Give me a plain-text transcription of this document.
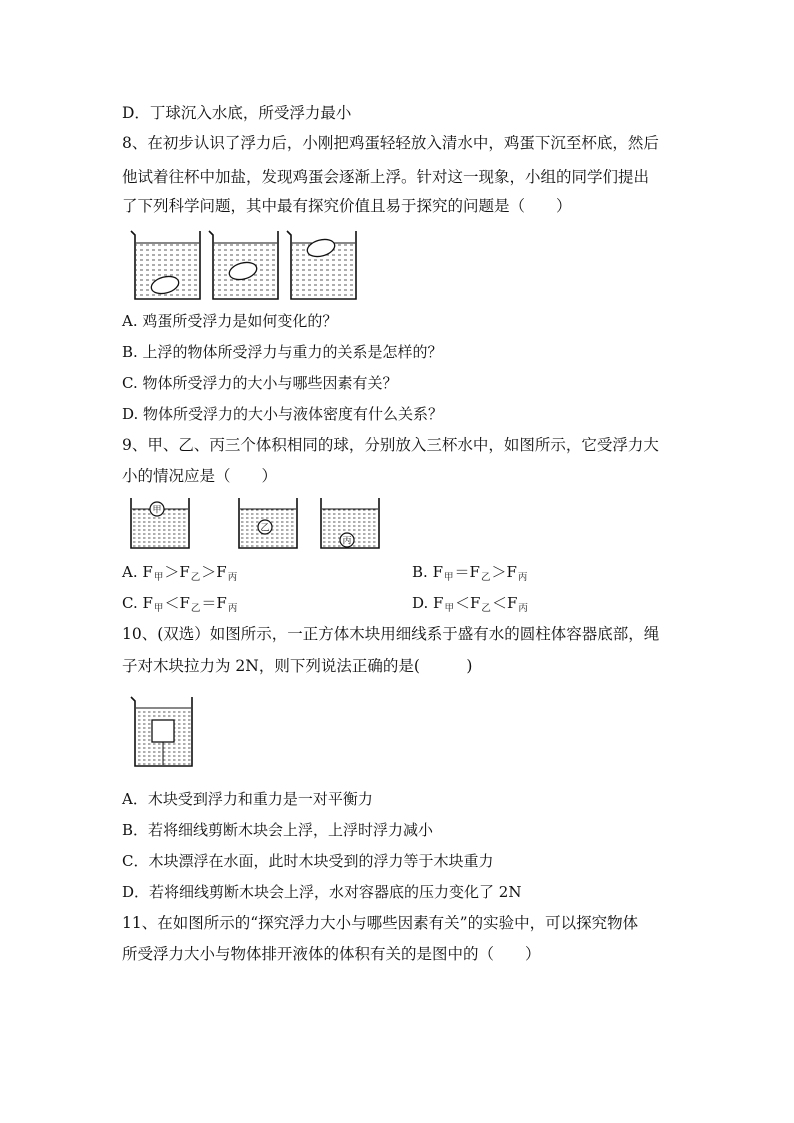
D．丁球沉入水底，所受浮力最小
8、在初步认识了浮力后，小刚把鸡蛋轻轻放入清水中，鸡蛋下沉至杯底，然后
他试着往杯中加盐，发现鸡蛋会逐渐上浮。针对这一现象，小组的同学们提出
了下列科学问题，其中最有探究价值且易于探究的问题是（　　）
A. 鸡蛋所受浮力是如何变化的？
B. 上浮的物体所受浮力与重力的关系是怎样的？
C. 物体所受浮力的大小与哪些因素有关？
D. 物体所受浮力的大小与液体密度有什么关系？
9、甲、乙、丙三个体积相同的球，分别放入三杯水中，如图所示，它受浮力大
小的情况应是（　　）
甲
乙
丙
A. $F_甲>F_乙>F_丙$	B. $F_甲=F_乙>F_丙$
C. $F_甲<F_乙=F_丙$	D. $F_甲<F_乙<F_丙$
10、(双选）如图所示，一正方体木块用细线系于盛有水的圆柱体容器底部，绳
子对木块拉力为 2N，则下列说法正确的是(　　　)
A．木块受到浮力和重力是一对平衡力
B．若将细线剪断木块会上浮，上浮时浮力减小
C．木块漂浮在水面，此时木块受到的浮力等于木块重力
D．若将细线剪断木块会上浮，水对容器底的压力变化了 2N
11、在如图所示的“探究浮力大小与哪些因素有关”的实验中，可以探究物体
所受浮力大小与物体排开液体的体积有关的是图中的（　　）
